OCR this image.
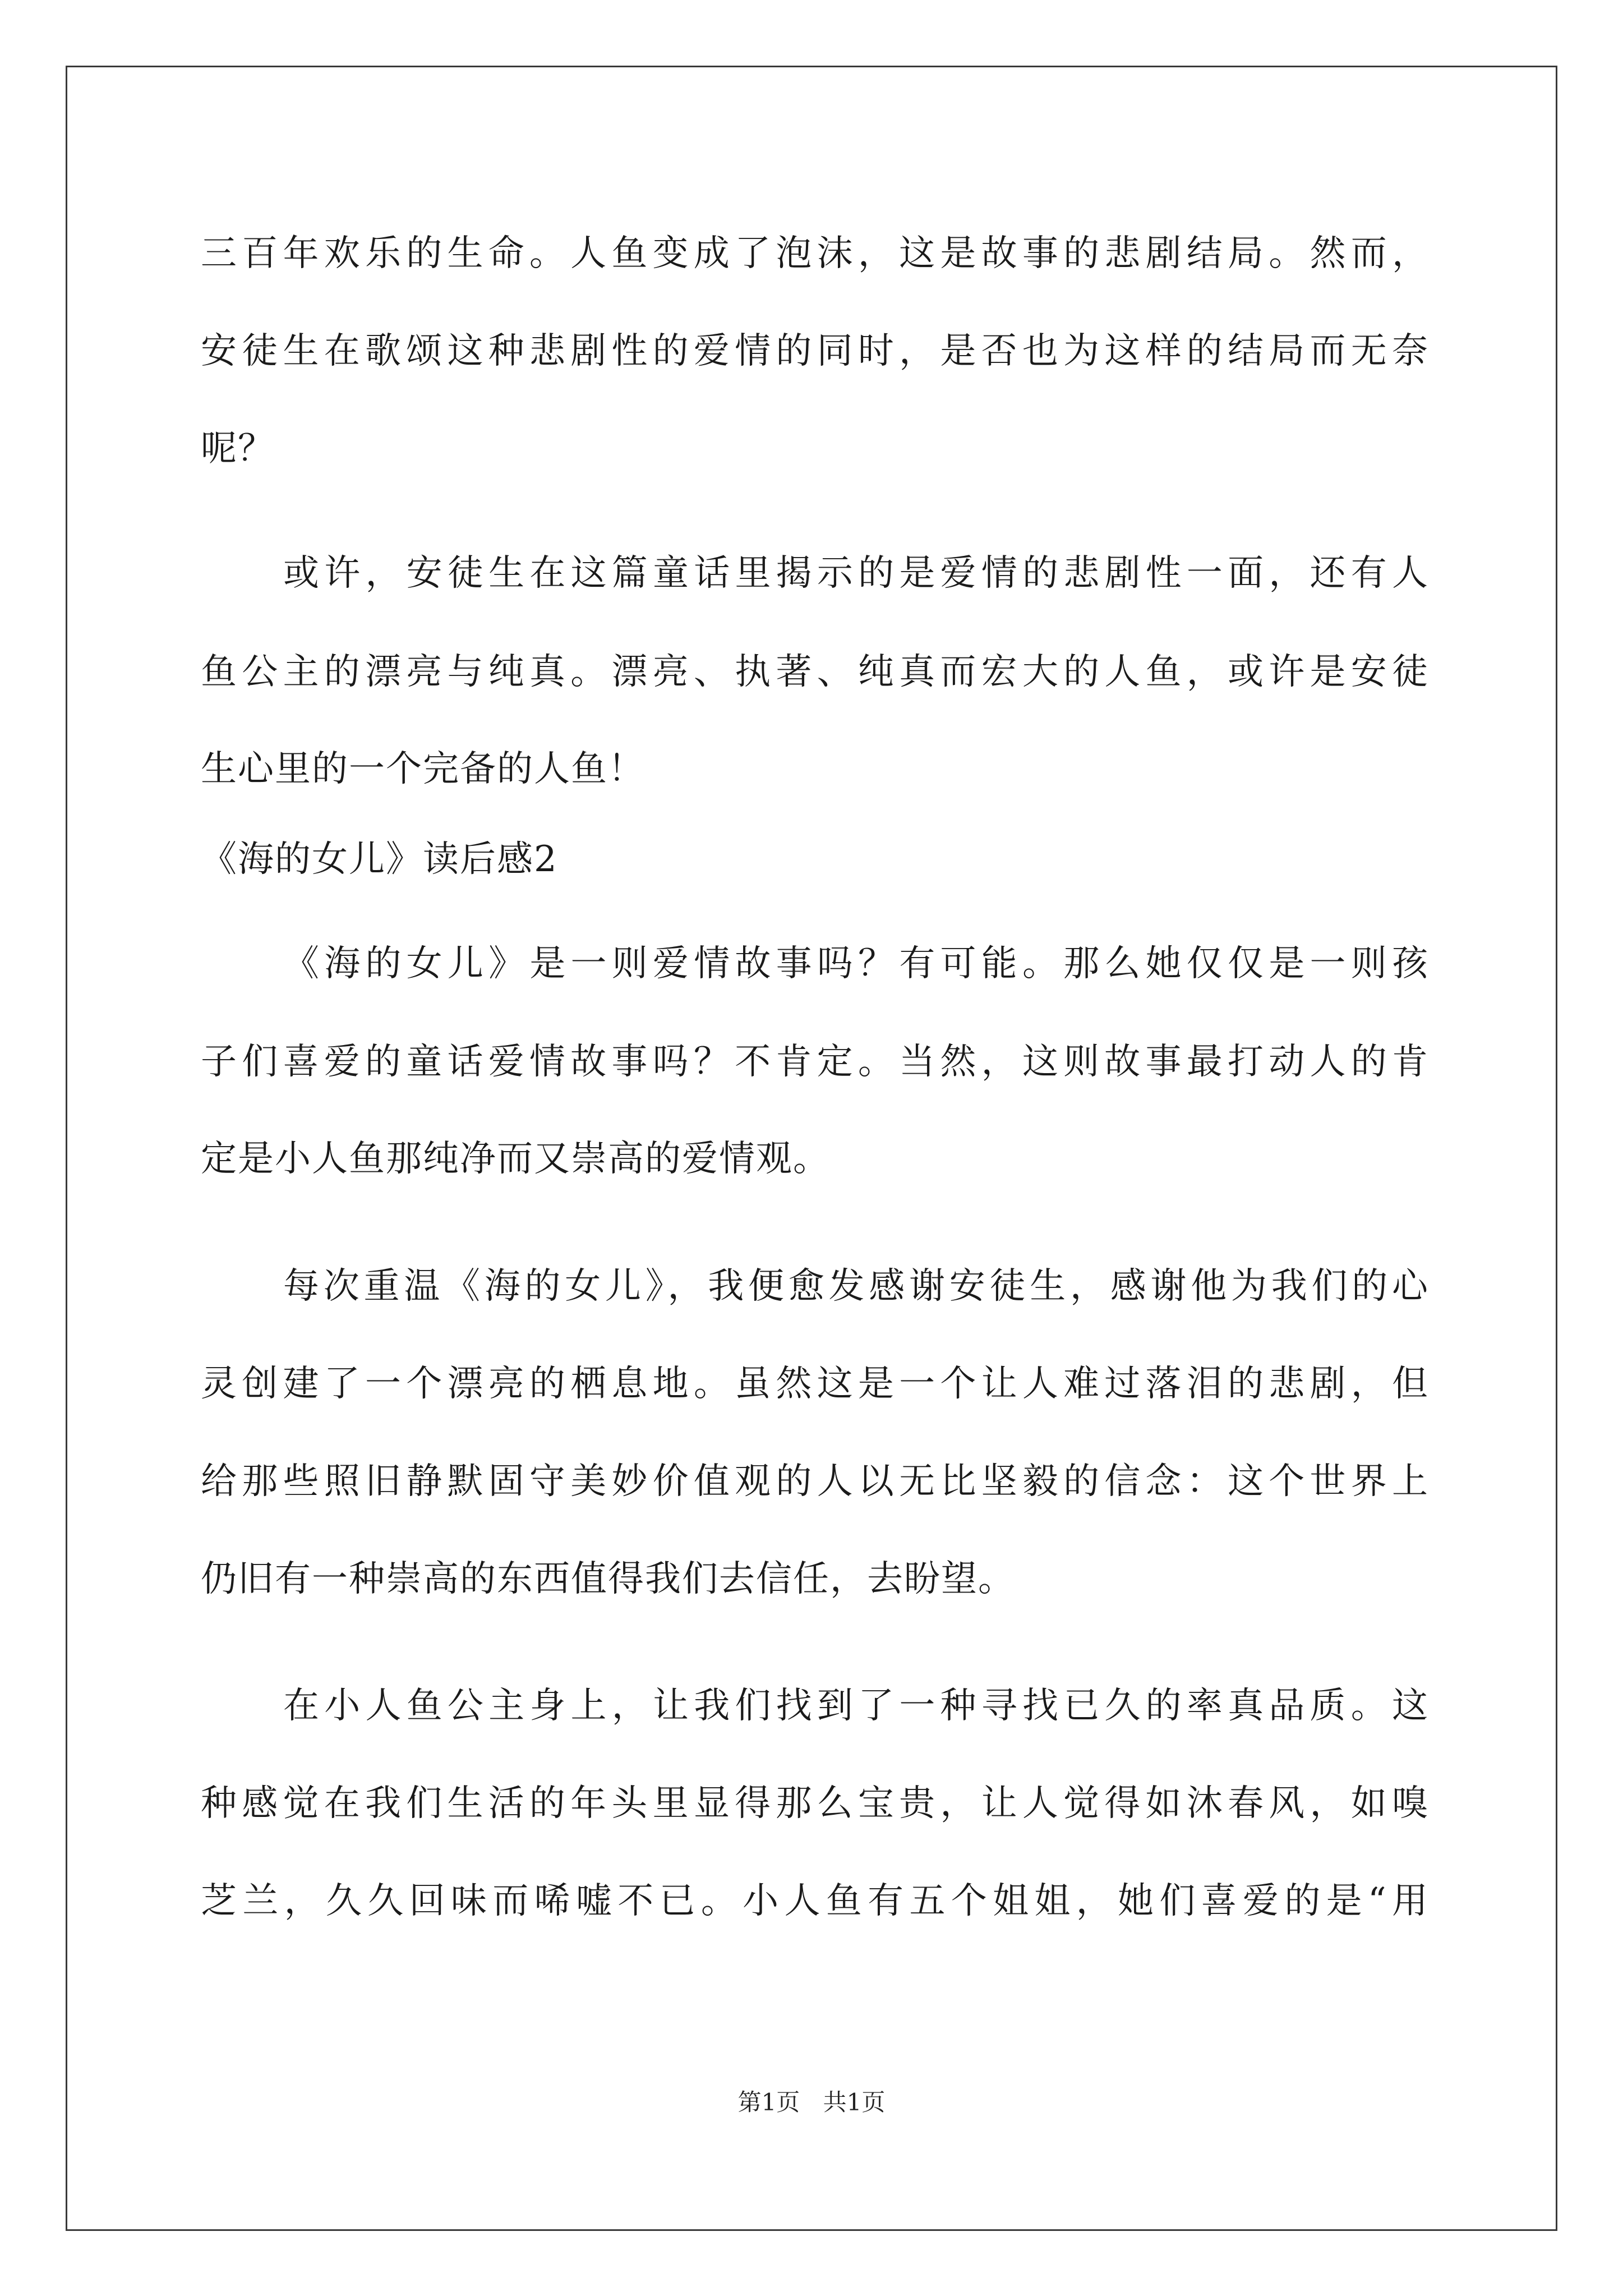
三百年欢乐的生命。人鱼变成了泡沫，这是故事的悲剧结局。然而，
安徒生在歌颂这种悲剧性的爱情的同时，是否也为这样的结局而无奈
呢？
或许，安徒生在这篇童话里揭示的是爱情的悲剧性一面，还有人
鱼公主的漂亮与纯真。漂亮、执著、纯真而宏大的人鱼，或许是安徒
生心里的一个完备的人鱼！
《海的女儿》读后感2
《海的女儿》是一则爱情故事吗？有可能。那么她仅仅是一则孩
子们喜爱的童话爱情故事吗？不肯定。当然，这则故事最打动人的肯
定是小人鱼那纯净而又崇高的爱情观。
每次重温《海的女儿》，我便愈发感谢安徒生，感谢他为我们的心
灵创建了一个漂亮的栖息地。虽然这是一个让人难过落泪的悲剧，但
给那些照旧静默固守美妙价值观的人以无比坚毅的信念：这个世界上
仍旧有一种崇高的东西值得我们去信任，去盼望。
在小人鱼公主身上，让我们找到了一种寻找已久的率真品质。这
种感觉在我们生活的年头里显得那么宝贵，让人觉得如沐春风，如嗅
芝兰，久久回味而唏嘘不已。小人鱼有五个姐姐，她们喜爱的是“用
第1页 共1页
